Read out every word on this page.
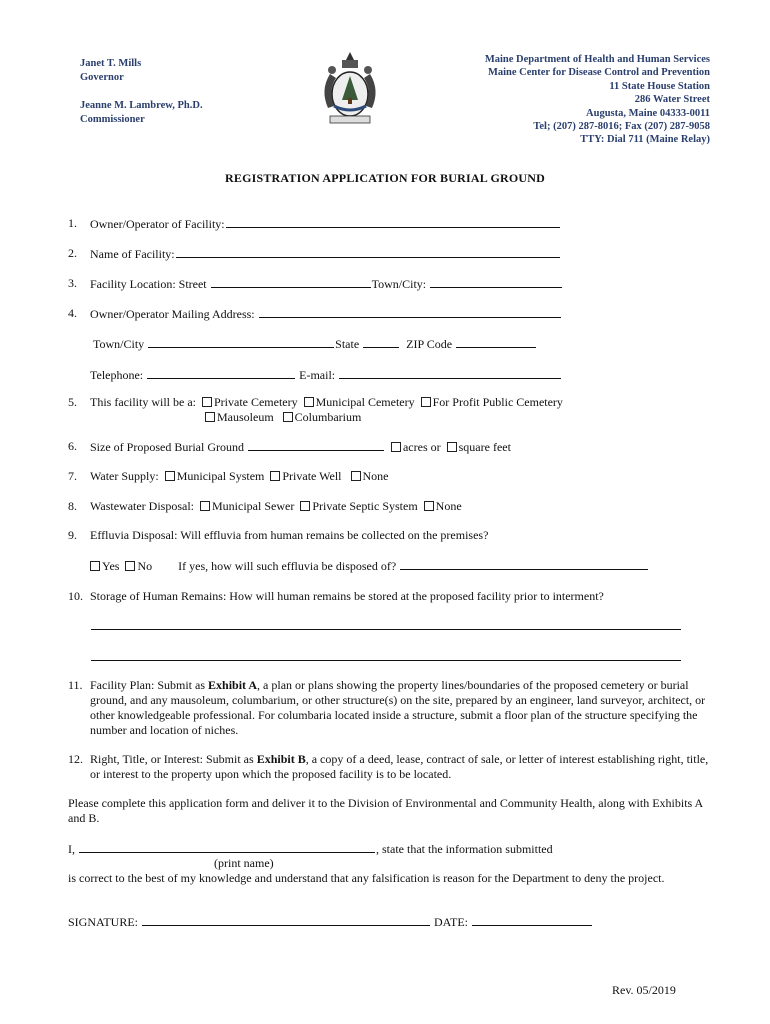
Janet T. Mills
Governor
Jeanne M. Lambrew, Ph.D.
Commissioner
Maine Department of Health and Human Services
Maine Center for Disease Control and Prevention
11 State House Station
286 Water Street
Augusta, Maine 04333-0011
Tel; (207) 287-8016; Fax (207) 287-9058
TTY: Dial 711 (Maine Relay)
REGISTRATION APPLICATION FOR BURIAL GROUND
1.	Owner/Operator of Facility:
2.	Name of Facility:
3.	Facility Location: Street	Town/City:
4.	Owner/Operator Mailing Address:
Town/City	State	ZIP Code
Telephone:	E-mail:
5.	This facility will be a: Private Cemetery Municipal Cemetery For Profit Public Cemetery
Mausoleum Columbarium
6.	Size of Proposed Burial Ground	acres or square feet
7.	Water Supply: Municipal System Private Well None
8.	Wastewater Disposal: Municipal Sewer Private Septic System None
9.	Effluvia Disposal: Will effluvia from human remains be collected on the premises?
Yes No If yes, how will such effluvia be disposed of?
10. Storage of Human Remains: How will human remains be stored at the proposed facility prior to interment?
11. Facility Plan: Submit as Exhibit A, a plan or plans showing the property lines/boundaries of the proposed cemetery or burial ground, and any mausoleum, columbarium, or other structure(s) on the site, prepared by an engineer, land surveyor, architect, or other knowledgeable professional. For columbaria located inside a structure, submit a floor plan of the structure specifying the number and location of niches.
12. Right, Title, or Interest: Submit as Exhibit B, a copy of a deed, lease, contract of sale, or letter of interest establishing right, title, or interest to the property upon which the proposed facility is to be located.
Please complete this application form and deliver it to the Division of Environmental and Community Health, along with Exhibits A and B.
I,	, state that the information submitted
(print name)
is correct to the best of my knowledge and understand that any falsification is reason for the Department to deny the project.
SIGNATURE:	DATE:
Rev. 05/2019
